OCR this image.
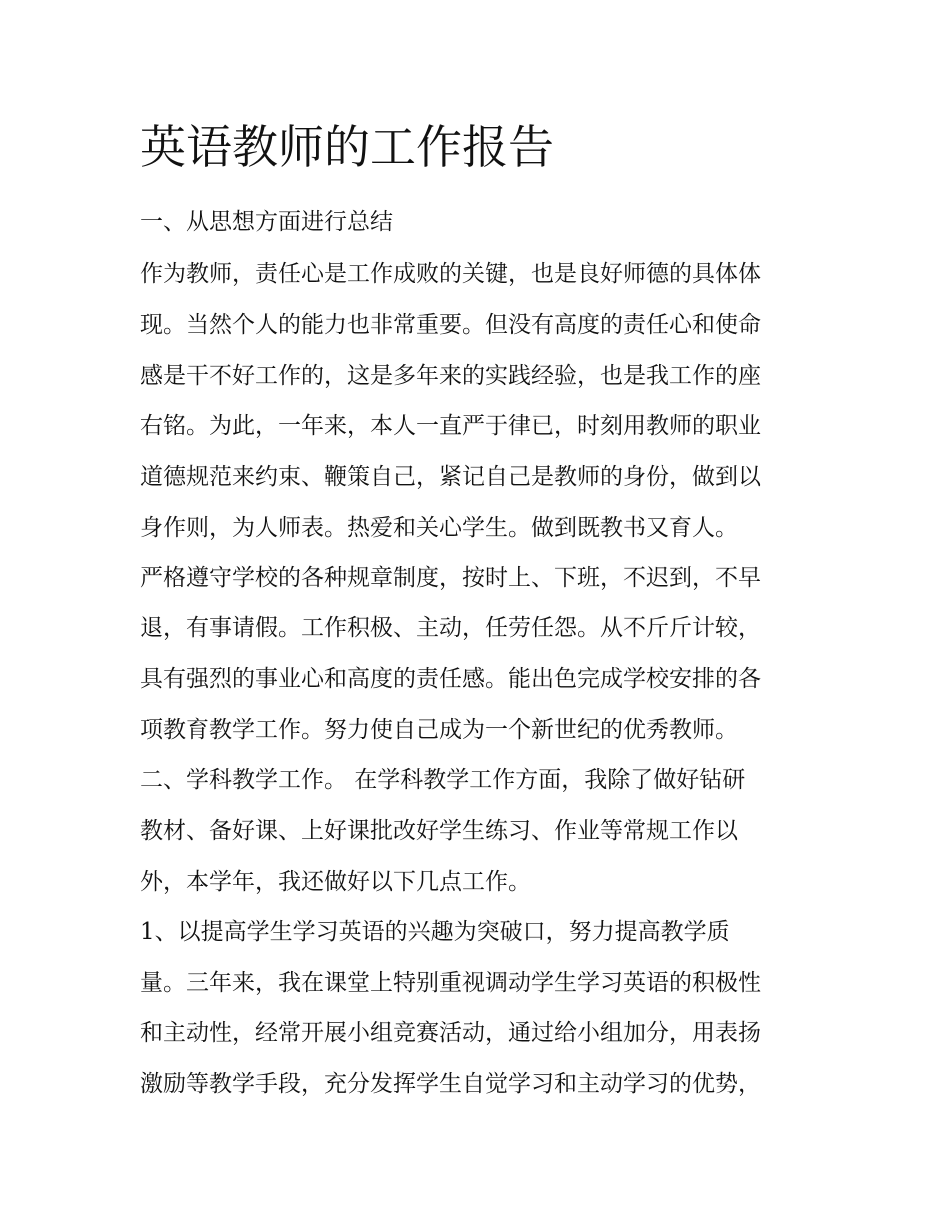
英语教师的工作报告

一、从思想方面进行总结

作为教师，责任心是工作成败的关键，也是良好师德的具体体

现。当然个人的能力也非常重要。但没有高度的责任心和使命

感是干不好工作的，这是多年来的实践经验，也是我工作的座

右铭。为此，一年来，本人一直严于律已，时刻用教师的职业

道德规范来约束、鞭策自己，紧记自己是教师的身份，做到以

身作则，为人师表。热爱和关心学生。做到既教书又育人。

严格遵守学校的各种规章制度，按时上、下班，不迟到，不早

退，有事请假。工作积极、主动，任劳任怨。从不斤斤计较，

具有强烈的事业心和高度的责任感。能出色完成学校安排的各

项教育教学工作。努力使自己成为一个新世纪的优秀教师。

二、学科教学工作。 在学科教学工作方面，我除了做好钻研

教材、备好课、上好课批改好学生练习、作业等常规工作以

外，本学年，我还做好以下几点工作。

1、以提高学生学习英语的兴趣为突破口，努力提高教学质

量。三年来，我在课堂上特别重视调动学生学习英语的积极性

和主动性，经常开展小组竞赛活动，通过给小组加分，用表扬

激励等教学手段，充分发挥学生自觉学习和主动学习的优势，
